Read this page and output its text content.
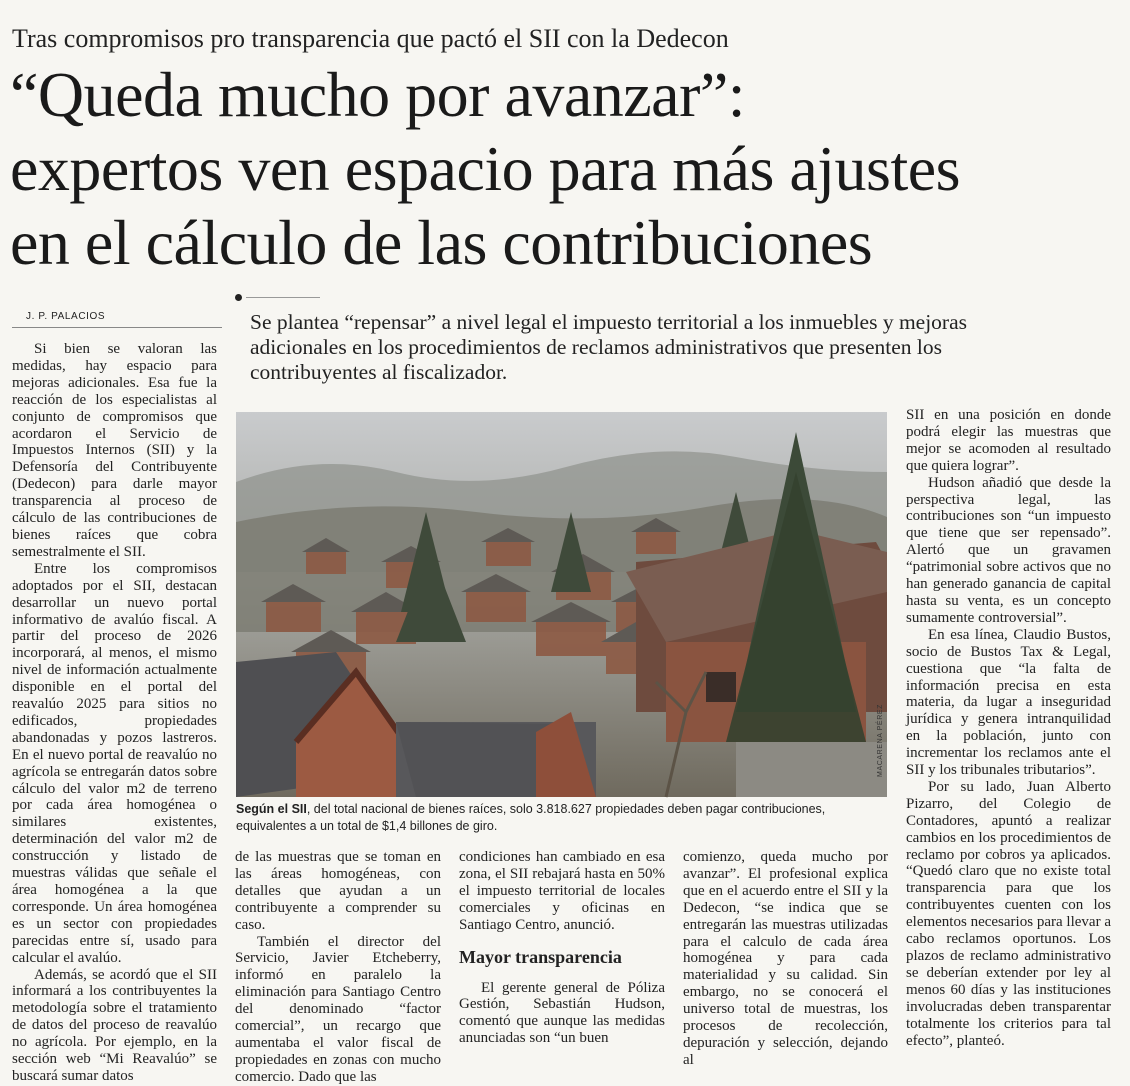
Tras compromisos pro transparencia que pactó el SII con la Dedecon
“Queda mucho por avanzar”:
expertos ven espacio para más ajustes
en el cálculo de las contribuciones
J. P. PALACIOS	Se plantea “repensar” a nivel legal el impuesto territorial a los inmuebles y mejoras adicionales en los procedimientos de reclamos administrativos que presenten los contribuyentes al fiscalizador.

Si bien se valoran las medidas, hay espacio para mejoras adicionales. Esa fue la reacción de los especialistas al conjunto de compromisos que acordaron el Servicio de Impuestos Internos (SII) y la Defensoría del Contribuyente (Dedecon) para darle mayor transparencia al proceso de cálculo de las contribuciones de bienes raíces que cobra semestralmente el SII.

Entre los compromisos adoptados por el SII, destacan desarrollar un nuevo portal informativo de avalúo fiscal. A partir del proceso de 2026 incorporará, al menos, el mismo nivel de información actualmente disponible en el portal del reavalúo 2025 para sitios no edificados, propiedades abandonadas y pozos lastreros. En el nuevo portal de reavalúo no agrícola se entregarán datos sobre cálculo del valor m2 de terreno por cada área homogénea o similares existentes, determinación del valor m2 de construcción y listado de muestras válidas que señale el área homogénea a la que corresponde. Un área homogénea es un sector con propiedades parecidas entre sí, usado para calcular el avalúo.

Además, se acordó que el SII informará a los contribuyentes la metodología sobre el tratamiento de datos del proceso de reavalúo no agrícola. Por ejemplo, en la sección web “Mi Reavalúo” se buscará sumar datos

MACARENA PÉREZ
Según el SII, del total nacional de bienes raíces, solo 3.818.627 propiedades deben pagar contribuciones, equivalentes a un total de $1,4 billones de giro.

de las muestras que se toman en las áreas homogéneas, con detalles que ayudan a un contribuyente a comprender su caso.

También el director del Servicio, Javier Etcheberry, informó en paralelo la eliminación para Santiago Centro del denominado “factor comercial”, un recargo que aumentaba el valor fiscal de propiedades en zonas con mucho comercio. Dado que las

condiciones han cambiado en esa zona, el SII rebajará hasta en 50% el impuesto territorial de locales comerciales y oficinas en Santiago Centro, anunció.

Mayor transparencia

El gerente general de Póliza Gestión, Sebastián Hudson, comentó que aunque las medidas anunciadas son “un buen

comienzo, queda mucho por avanzar”. El profesional explica que en el acuerdo entre el SII y la Dedecon, “se indica que se entregarán las muestras utilizadas para el calculo de cada área homogénea y para cada materialidad y su calidad. Sin embargo, no se conocerá el universo total de muestras, los procesos de recolección, depuración y selección, dejando al

SII en una posición en donde podrá elegir las muestras que mejor se acomoden al resultado que quiera lograr”.

Hudson añadió que desde la perspectiva legal, las contribuciones son “un impuesto que tiene que ser repensado”. Alertó que un gravamen “patrimonial sobre activos que no han generado ganancia de capital hasta su venta, es un concepto sumamente controversial”.

En esa línea, Claudio Bustos, socio de Bustos Tax & Legal, cuestiona que “la falta de información precisa en esta materia, da lugar a inseguridad jurídica y genera intranquilidad en la población, junto con incrementar los reclamos ante el SII y los tribunales tributarios”.

Por su lado, Juan Alberto Pizarro, del Colegio de Contadores, apuntó a realizar cambios en los procedimientos de reclamo por cobros ya aplicados. “Quedó claro que no existe total transparencia para que los contribuyentes cuenten con los elementos necesarios para llevar a cabo reclamos oportunos. Los plazos de reclamo administrativo se deberían extender por ley al menos 60 días y las instituciones involucradas deben transparentar totalmente los criterios para tal efecto”, planteó.
